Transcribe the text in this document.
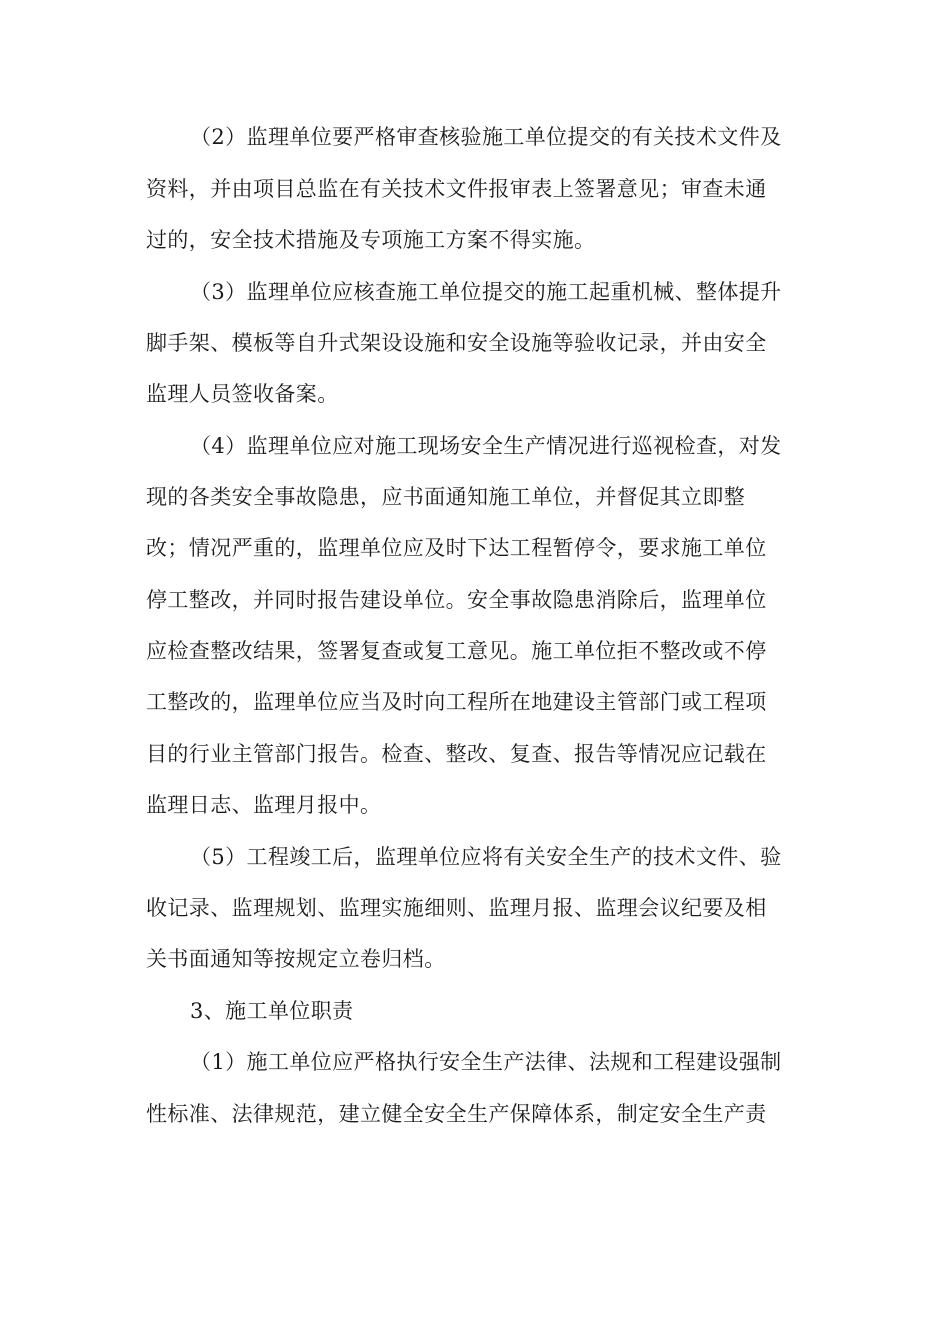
（2）监理单位要严格审查核验施工单位提交的有关技术文件及
资料，并由项目总监在有关技术文件报审表上签署意见；审查未通
过的，安全技术措施及专项施工方案不得实施。
（3）监理单位应核查施工单位提交的施工起重机械、整体提升
脚手架、模板等自升式架设设施和安全设施等验收记录，并由安全
监理人员签收备案。
（4）监理单位应对施工现场安全生产情况进行巡视检查，对发
现的各类安全事故隐患，应书面通知施工单位，并督促其立即整
改；情况严重的，监理单位应及时下达工程暂停令，要求施工单位
停工整改，并同时报告建设单位。安全事故隐患消除后，监理单位
应检查整改结果，签署复查或复工意见。施工单位拒不整改或不停
工整改的，监理单位应当及时向工程所在地建设主管部门或工程项
目的行业主管部门报告。检查、整改、复查、报告等情况应记载在
监理日志、监理月报中。
（5）工程竣工后，监理单位应将有关安全生产的技术文件、验
收记录、监理规划、监理实施细则、监理月报、监理会议纪要及相
关书面通知等按规定立卷归档。
3、施工单位职责
（1）施工单位应严格执行安全生产法律、法规和工程建设强制
性标准、法律规范，建立健全安全生产保障体系，制定安全生产责
